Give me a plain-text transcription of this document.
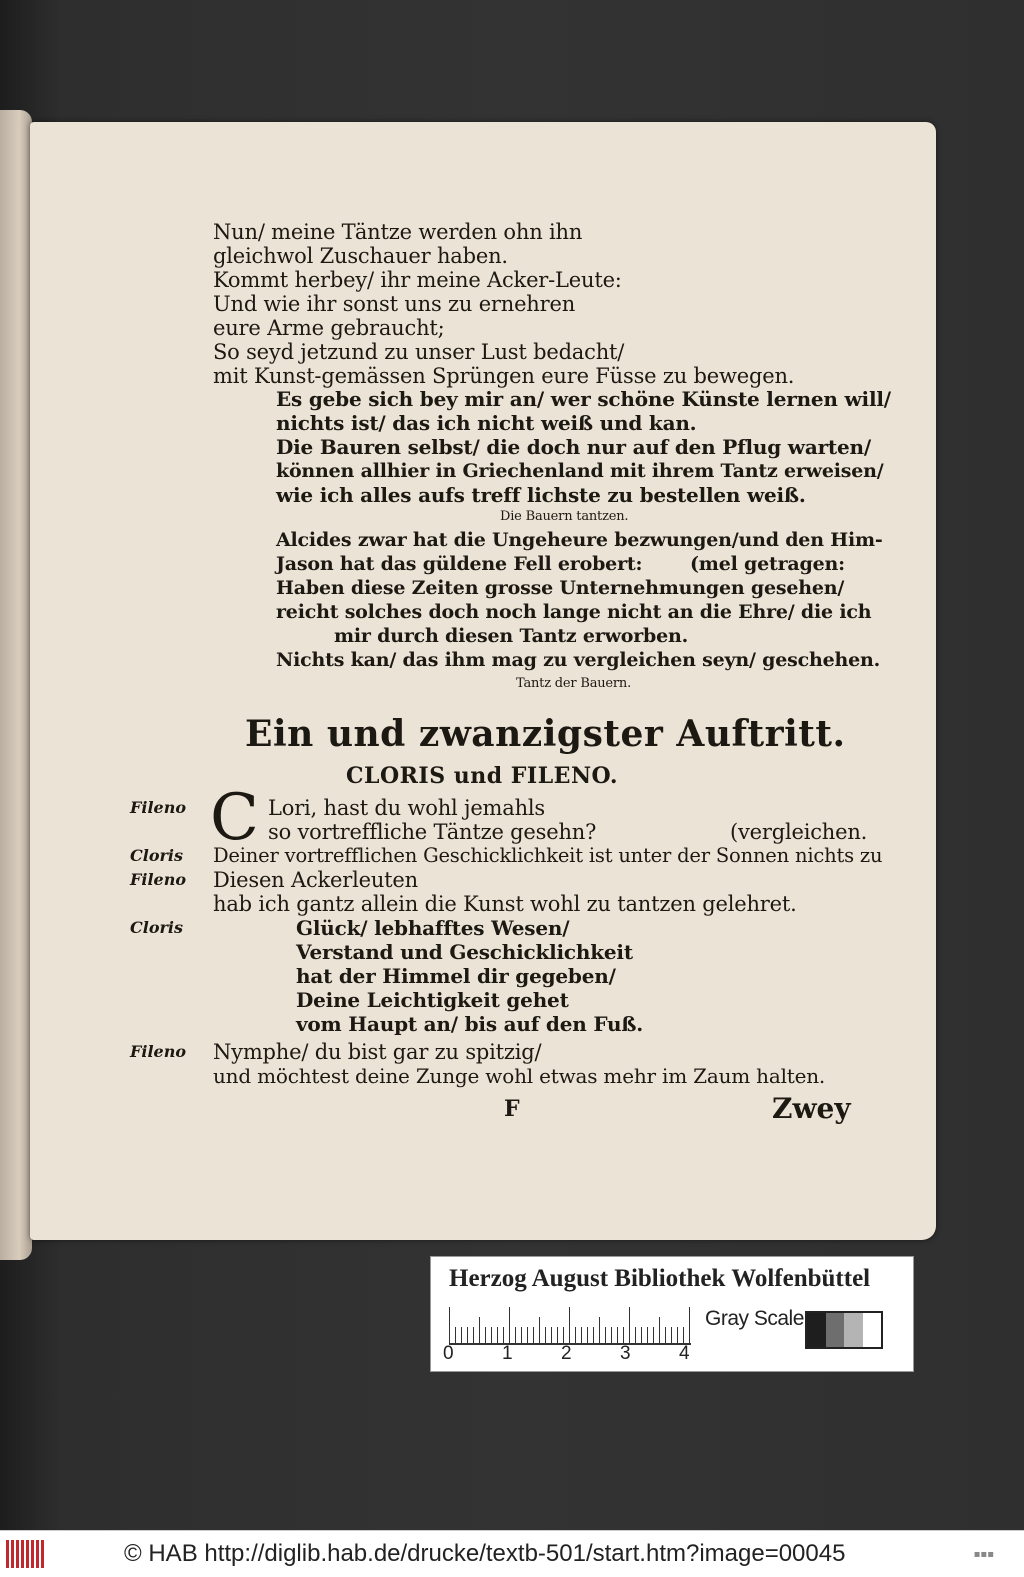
Nun/ meine Täntze werden ohn ihn
gleichwol Zuschauer haben.
Kommt herbey/ ihr meine Acker-Leute:
Und wie ihr sonst uns zu ernehren
eure Arme gebraucht;
So seyd jetzund zu unser Lust bedacht/
mit Kunst-gemässen Sprüngen eure Füsse zu bewegen.
Es gebe sich bey mir an/ wer schöne Künste lernen will/
nichts ist/ das ich nicht weiß und kan.
Die Bauren selbst/ die doch nur auf den Pflug warten/
können allhier in Griechenland mit ihrem Tantz erweisen/
wie ich alles aufs treff lichste zu bestellen weiß.
Die Bauern tantzen.
Alcides zwar hat die Ungeheure bezwungen/und den Him-
Jason hat das güldene Fell erobert:	(mel getragen:
Haben diese Zeiten grosse Unternehmungen gesehen/
reicht solches doch noch lange nicht an die Ehre/ die ich
mir durch diesen Tantz erworben.
Nichts kan/ das ihm mag zu vergleichen seyn/ geschehen.
Tantz der Bauern.
Ein und zwanzigster Auftritt.
CLORIS und FILENO.
Fileno C Lori, hast du wohl jemahls
so vortreffliche Täntze gesehn?	(vergleichen.
Cloris Deiner vortrefflichen Geschicklichkeit ist unter der Sonnen nichts zu
Fileno Diesen Ackerleuten
hab ich gantz allein die Kunst wohl zu tantzen gelehret.
Cloris	Glück/ lebhafftes Wesen/
Verstand und Geschicklichkeit
hat der Himmel dir gegeben/
Deine Leichtigkeit gehet
vom Haupt an/ bis auf den Fuß.
Fileno Nymphe/ du bist gar zu spitzig/
und möchtest deine Zunge wohl etwas mehr im Zaum halten.
F	Zwey
Herzog August Bibliothek Wolfenbüttel
0	1	2	3	4
Gray Scale
© HAB http://diglib.hab.de/drucke/textb-501/start.htm?image=00045	▪▪▪
